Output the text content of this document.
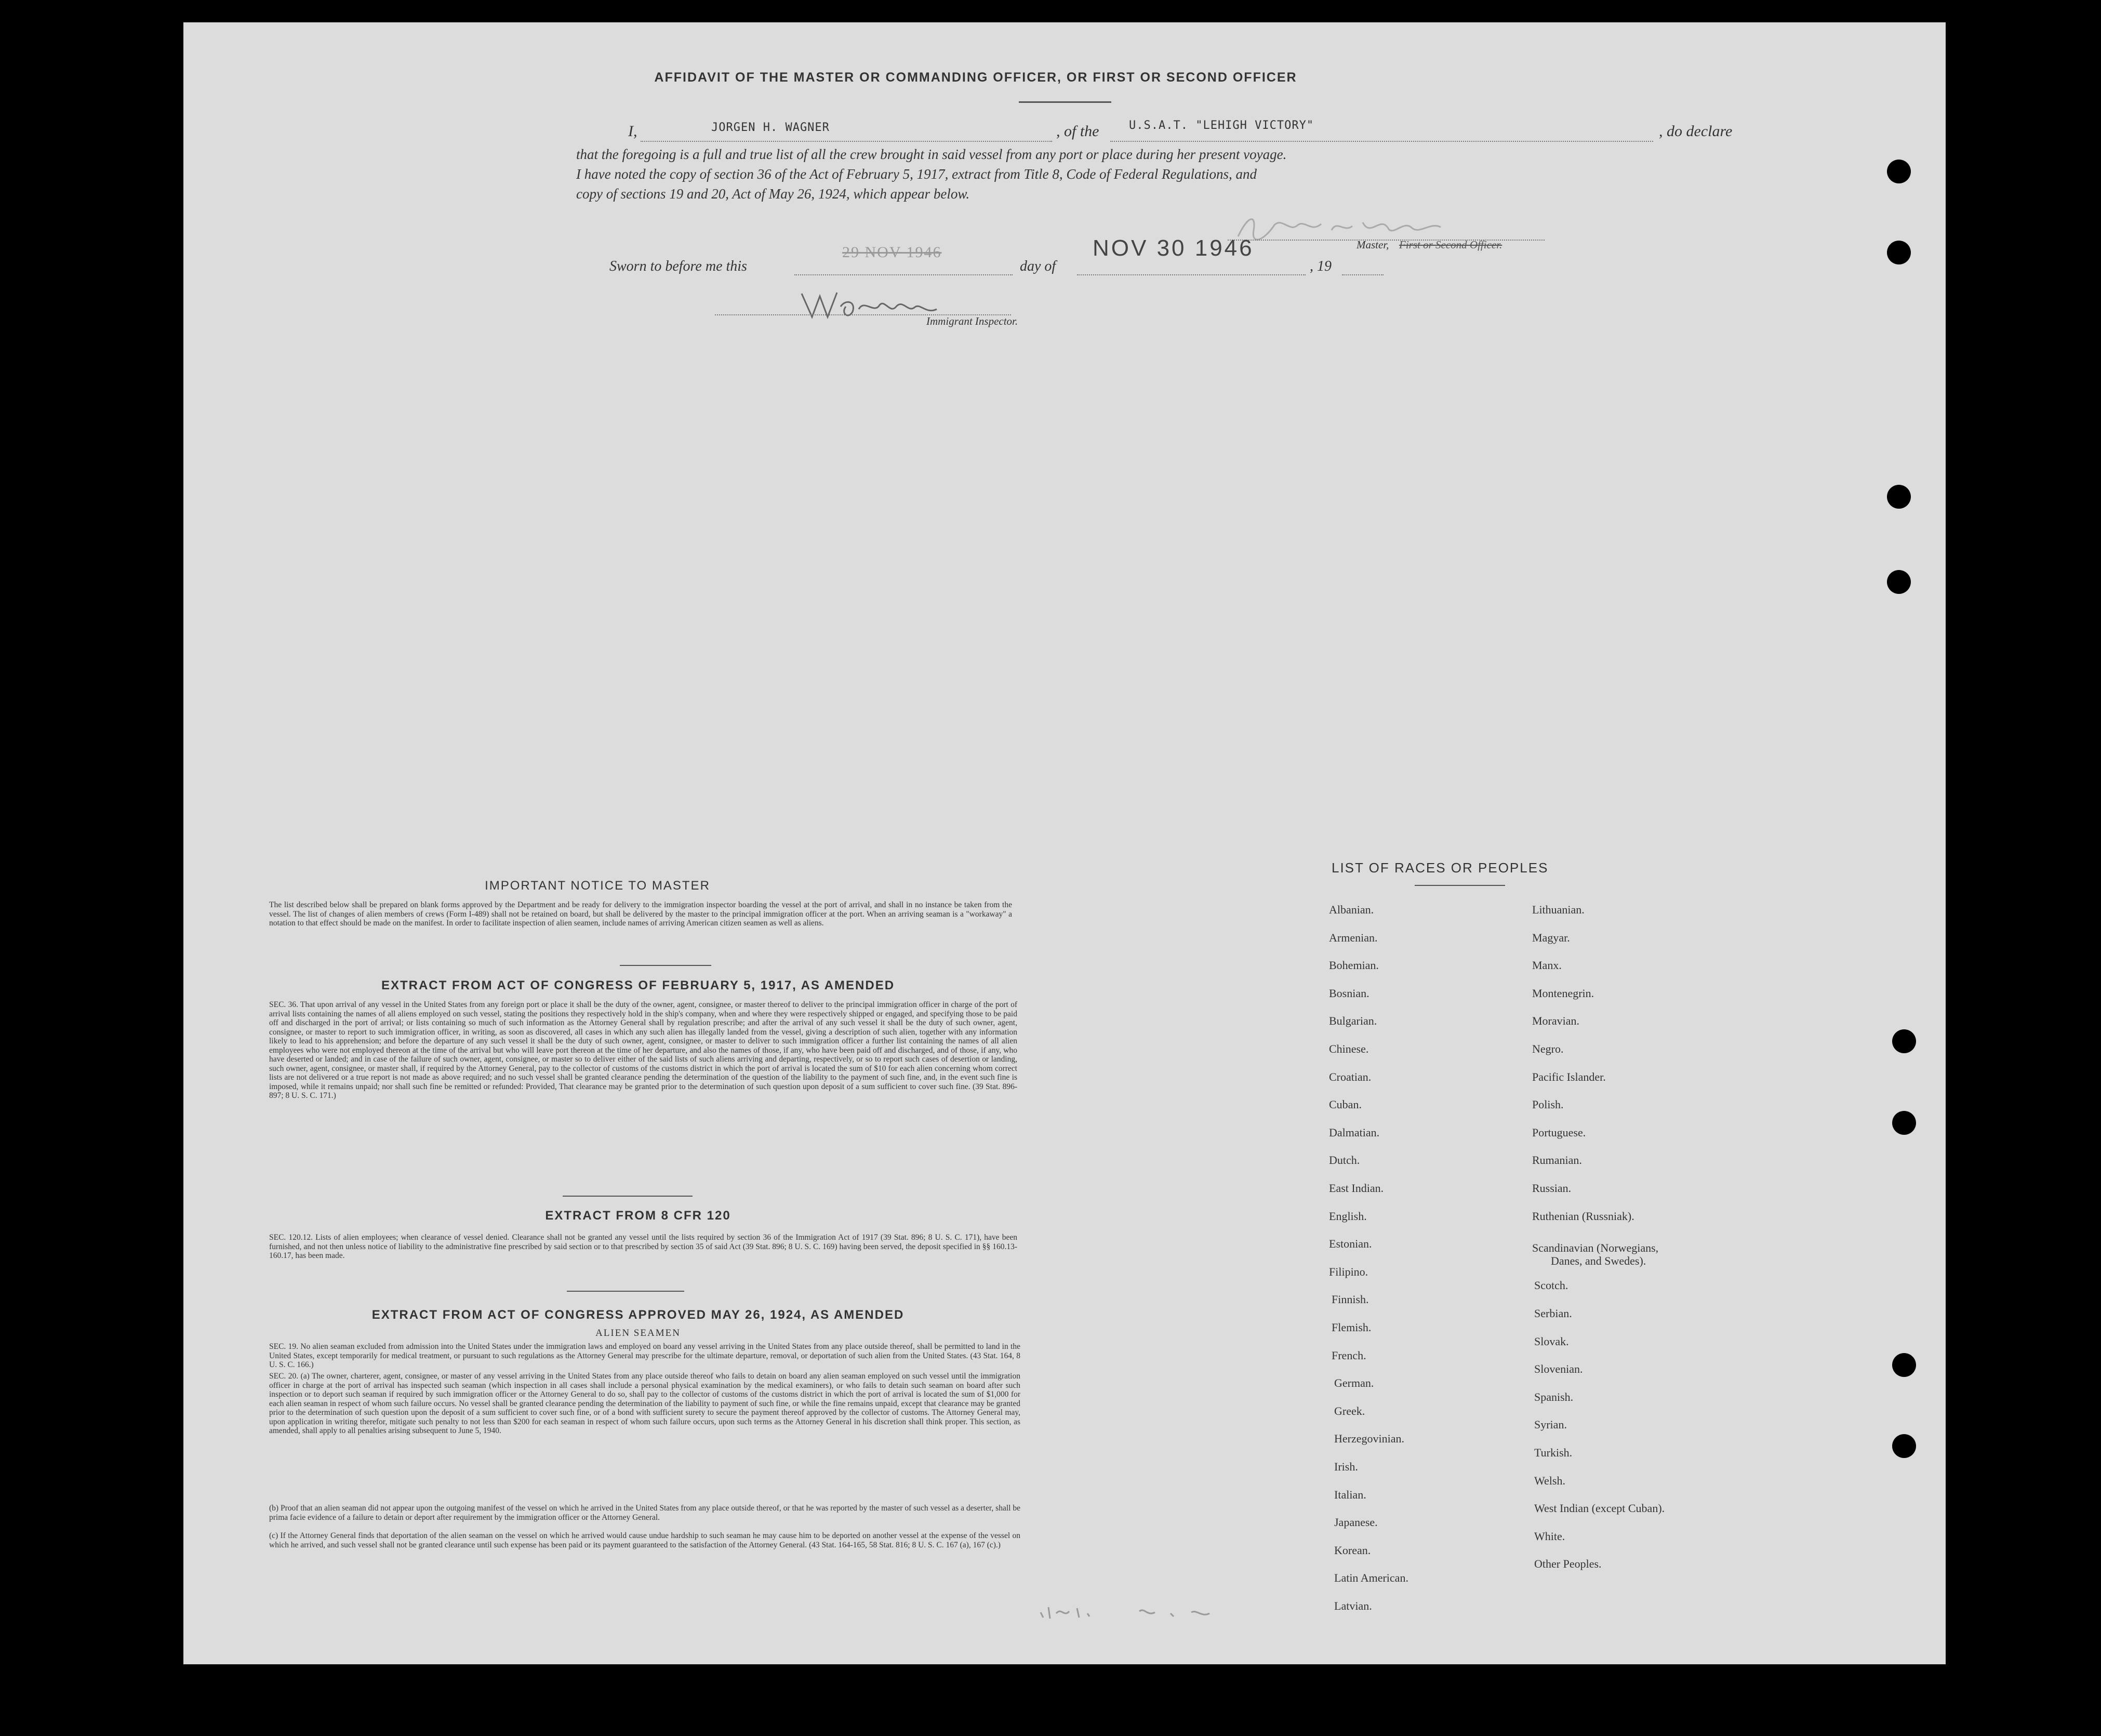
AFFIDAVIT OF THE MASTER OR COMMANDING OFFICER, OR FIRST OR SECOND OFFICER
I,	JORGEN H. WAGNER	, of the	U.S.A.T. "LEHIGH VICTORY"	, do declare
that the foregoing is a full and true list of all the crew brought in said vessel from any port or place during her present voyage.
I have noted the copy of section 36 of the Act of February 5, 1917, extract from Title 8, Code of Federal Regulations, and
copy of sections 19 and 20, Act of May 26, 1924, which appear below.
Master, First or Second Officer.
Sworn to before me this
29 NOV 1946
day of
NOV 30 1946
, 19
Immigrant Inspector.
IMPORTANT NOTICE TO MASTER
The list described below shall be prepared on blank forms approved by the Department and be ready for delivery to the immigration inspector boarding the vessel at the port of arrival, and shall in no instance be taken from the vessel. The list of changes of alien members of crews (Form I-489) shall not be retained on board, but shall be delivered by the master to the principal immigration officer at the port. When an arriving seaman is a "workaway" a notation to that effect should be made on the manifest. In order to facilitate inspection of alien seamen, include names of arriving American citizen seamen as well as aliens.
EXTRACT FROM ACT OF CONGRESS OF FEBRUARY 5, 1917, AS AMENDED
SEC. 36. That upon arrival of any vessel in the United States from any foreign port or place it shall be the duty of the owner, agent, consignee, or master thereof to deliver to the principal immigration officer in charge of the port of arrival lists containing the names of all aliens employed on such vessel, stating the positions they respectively hold in the ship's company, when and where they were respectively shipped or engaged, and specifying those to be paid off and discharged in the port of arrival; or lists containing so much of such information as the Attorney General shall by regulation prescribe; and after the arrival of any such vessel it shall be the duty of such owner, agent, consignee, or master to report to such immigration officer, in writing, as soon as discovered, all cases in which any such alien has illegally landed from the vessel, giving a description of such alien, together with any information likely to lead to his apprehension; and before the departure of any such vessel it shall be the duty of such owner, agent, consignee, or master to deliver to such immigration officer a further list containing the names of all alien employees who were not employed thereon at the time of the arrival but who will leave port thereon at the time of her departure, and also the names of those, if any, who have been paid off and discharged, and of those, if any, who have deserted or landed; and in case of the failure of such owner, agent, consignee, or master so to deliver either of the said lists of such aliens arriving and departing, respectively, or so to report such cases of desertion or landing, such owner, agent, consignee, or master shall, if required by the Attorney General, pay to the collector of customs of the customs district in which the port of arrival is located the sum of $10 for each alien concerning whom correct lists are not delivered or a true report is not made as above required; and no such vessel shall be granted clearance pending the determination of the question of the liability to the payment of such fine, and, in the event such fine is imposed, while it remains unpaid; nor shall such fine be remitted or refunded: Provided, That clearance may be granted prior to the determination of such question upon deposit of a sum sufficient to cover such fine. (39 Stat. 896-897; 8 U. S. C. 171.)
EXTRACT FROM 8 CFR 120
SEC. 120.12. Lists of alien employees; when clearance of vessel denied. Clearance shall not be granted any vessel until the lists required by section 36 of the Immigration Act of 1917 (39 Stat. 896; 8 U. S. C. 171), have been furnished, and not then unless notice of liability to the administrative fine prescribed by said section or to that prescribed by section 35 of said Act (39 Stat. 896; 8 U. S. C. 169) having been served, the deposit specified in §§ 160.13-160.17, has been made.
EXTRACT FROM ACT OF CONGRESS APPROVED MAY 26, 1924, AS AMENDED
ALIEN SEAMEN
SEC. 19. No alien seaman excluded from admission into the United States under the immigration laws and employed on board any vessel arriving in the United States from any place outside thereof, shall be permitted to land in the United States, except temporarily for medical treatment, or pursuant to such regulations as the Attorney General may prescribe for the ultimate departure, removal, or deportation of such alien from the United States. (43 Stat. 164, 8 U. S. C. 166.)
SEC. 20. (a) The owner, charterer, agent, consignee, or master of any vessel arriving in the United States from any place outside thereof who fails to detain on board any alien seaman employed on such vessel until the immigration officer in charge at the port of arrival has inspected such seaman (which inspection in all cases shall include a personal physical examination by the medical examiners), or who fails to detain such seaman on board after such inspection or to deport such seaman if required by such immigration officer or the Attorney General to do so, shall pay to the collector of customs of the customs district in which the port of arrival is located the sum of $1,000 for each alien seaman in respect of whom such failure occurs. No vessel shall be granted clearance pending the determination of the liability to payment of such fine, or while the fine remains unpaid, except that clearance may be granted prior to the determination of such question upon the deposit of a sum sufficient to cover such fine, or of a bond with sufficient surety to secure the payment thereof approved by the collector of customs. The Attorney General may, upon application in writing therefor, mitigate such penalty to not less than $200 for each seaman in respect of whom such failure occurs, upon such terms as the Attorney General in his discretion shall think proper. This section, as amended, shall apply to all penalties arising subsequent to June 5, 1940.
(b) Proof that an alien seaman did not appear upon the outgoing manifest of the vessel on which he arrived in the United States from any place outside thereof, or that he was reported by the master of such vessel as a deserter, shall be prima facie evidence of a failure to detain or deport after requirement by the immigration officer or the Attorney General.
(c) If the Attorney General finds that deportation of the alien seaman on the vessel on which he arrived would cause undue hardship to such seaman he may cause him to be deported on another vessel at the expense of the vessel on which he arrived, and such vessel shall not be granted clearance until such expense has been paid or its payment guaranteed to the satisfaction of the Attorney General. (43 Stat. 164-165, 58 Stat. 816; 8 U. S. C. 167 (a), 167 (c).)
LIST OF RACES OR PEOPLES
Albanian.
Armenian.
Bohemian.
Bosnian.
Bulgarian.
Chinese.
Croatian.
Cuban.
Dalmatian.
Dutch.
East Indian.
English.
Estonian.
Filipino.
Finnish.
Flemish.
French.
German.
Greek.
Herzegovinian.
Irish.
Italian.
Japanese.
Korean.
Latin American.
Latvian.
Lithuanian.
Magyar.
Manx.
Montenegrin.
Moravian.
Negro.
Pacific Islander.
Polish.
Portuguese.
Rumanian.
Russian.
Ruthenian (Russniak).
Scandinavian (Norwegians,
Danes, and Swedes).
Scotch.
Serbian.
Slovak.
Slovenian.
Spanish.
Syrian.
Turkish.
Welsh.
West Indian (except Cuban).
White.
Other Peoples.
